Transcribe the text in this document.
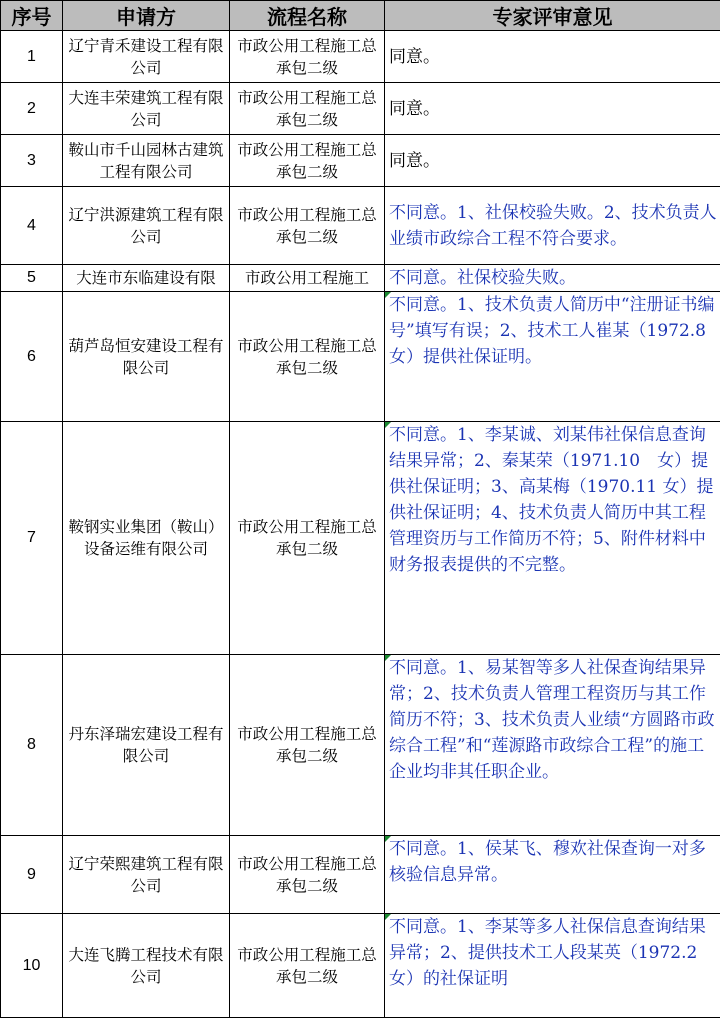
序号	申请方	流程名称	专家评审意见
1	辽宁青禾建设工程有限公司	市政公用工程施工总承包二级	同意。
2	大连丰荣建筑工程有限公司	市政公用工程施工总承包二级	同意。
3	鞍山市千山园林古建筑工程有限公司	市政公用工程施工总承包二级	同意。
4	辽宁洪源建筑工程有限公司	市政公用工程施工总承包二级	不同意。1、社保校验失败。2、技术负责人业绩市政综合工程不符合要求。
5	大连市东临建设有限	市政公用工程施工	不同意。社保校验失败。
6	葫芦岛恒安建设工程有限公司	市政公用工程施工总承包二级	不同意。1、技术负责人简历中“注册证书编号”填写有误；2、技术工人崔某（1972.8 女）提供社保证明。
7	鞍钢实业集团（鞍山）设备运维有限公司	市政公用工程施工总承包二级	不同意。1、李某诚、刘某伟社保信息查询结果异常；2、秦某荣（1971.10　女）提供社保证明；3、高某梅（1970.11 女）提供社保证明；4、技术负责人简历中其工程管理资历与工作简历不符；5、附件材料中财务报表提供的不完整。
8	丹东泽瑞宏建设工程有限公司	市政公用工程施工总承包二级	不同意。1、易某智等多人社保查询结果异常；2、技术负责人管理工程资历与其工作简历不符；3、技术负责人业绩“方圆路市政综合工程”和“莲源路市政综合工程”的施工企业均非其任职企业。
9	辽宁荣熙建筑工程有限公司	市政公用工程施工总承包二级	不同意。1、侯某飞、穆欢社保查询一对多核验信息异常。
10	大连飞腾工程技术有限公司	市政公用工程施工总承包二级	不同意。1、李某等多人社保信息查询结果异常；2、提供技术工人段某英（1972.2 女）的社保证明
